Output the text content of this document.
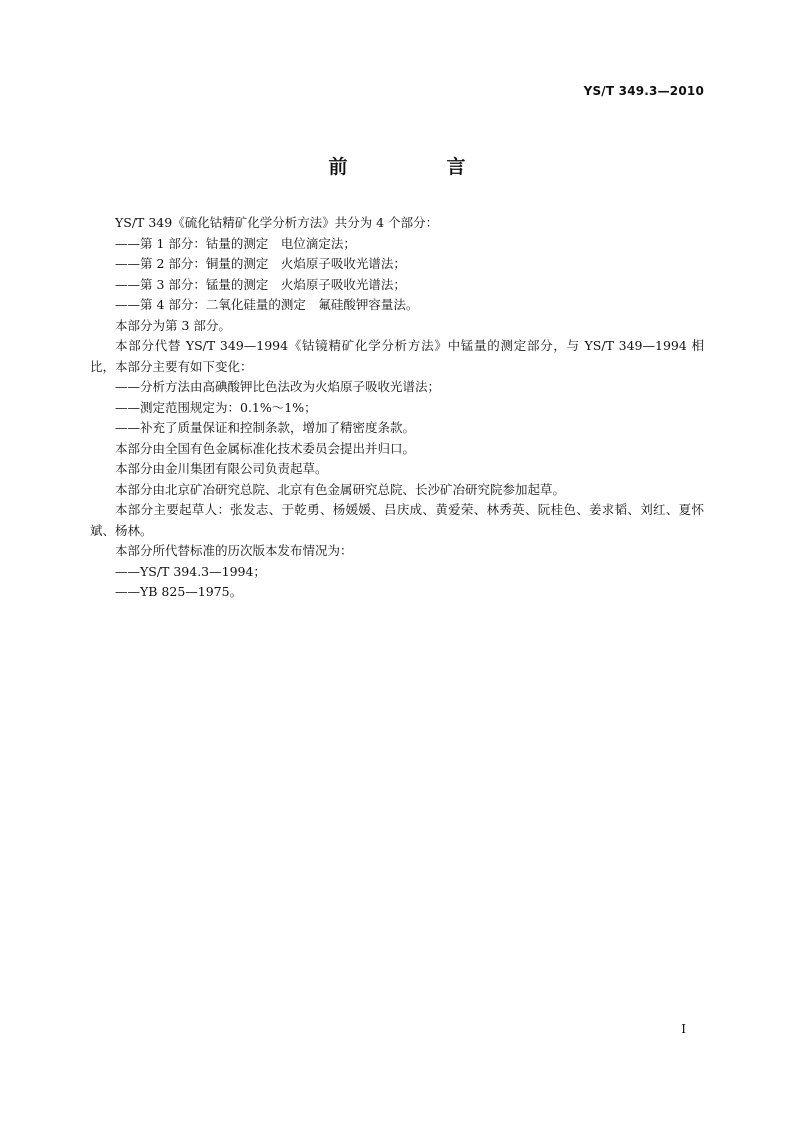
YS/T 349.3—2010
前　言

YS/T 349《硫化钴精矿化学分析方法》共分为 4 个部分：

——第 1 部分：钴量的测定　电位滴定法；

——第 2 部分：铜量的测定　火焰原子吸收光谱法；

——第 3 部分：锰量的测定　火焰原子吸收光谱法；

——第 4 部分：二氧化硅量的测定　氟硅酸钾容量法。

本部分为第 3 部分。

本部分代替 YS/T 349—1994《钴镜精矿化学分析方法》中锰量的测定部分，与 YS/T 349—1994 相比，本部分主要有如下变化：

——分析方法由高碘酸钾比色法改为火焰原子吸收光谱法；

——测定范围规定为：0.1%～1%；

——补充了质量保证和控制条款，增加了精密度条款。

本部分由全国有色金属标准化技术委员会提出并归口。

本部分由金川集团有限公司负责起草。

本部分由北京矿冶研究总院、北京有色金属研究总院、长沙矿冶研究院参加起草。

本部分主要起草人：张发志、于乾勇、杨媛媛、吕庆成、黄爱荣、林秀英、阮桂色、姜求韬、刘红、夏怀斌、杨林。

本部分所代替标准的历次版本发布情况为：

——YS/T 394.3—1994；

——YB 825—1975。

I
